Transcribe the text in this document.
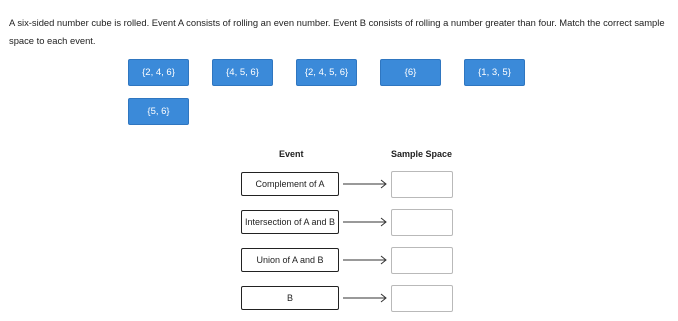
A six-sided number cube is rolled. Event A consists of rolling an even number. Event B consists of rolling a number greater than four. Match the correct sample space to each event.
{2, 4, 6}	{4, 5, 6}	{2, 4, 5, 6}	{6}	{1, 3, 5}
{5, 6}
Event	Sample Space
Complement of A
Intersection of A and B
Union of A and B
B
